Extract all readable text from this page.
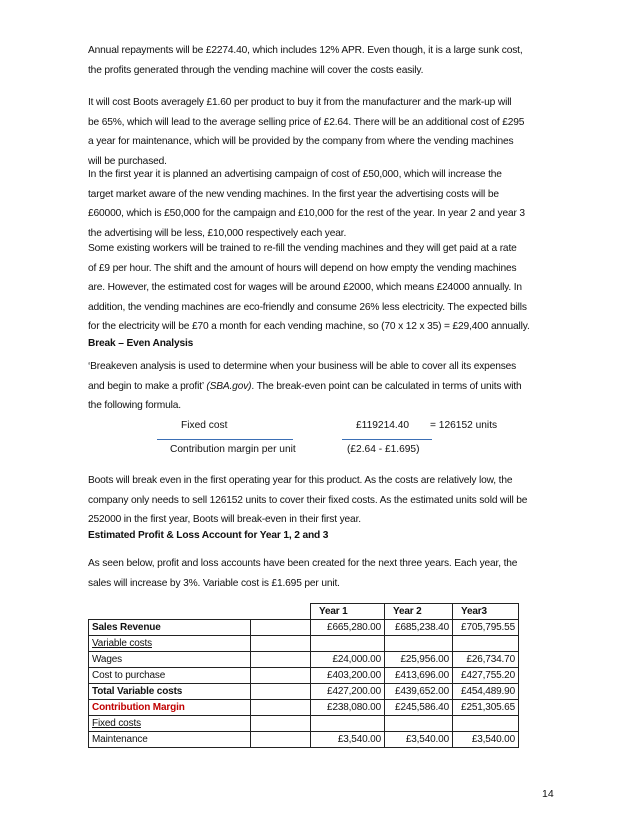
Annual repayments will be £2274.40, which includes 12% APR. Even though, it is a large sunk cost,
the profits generated through the vending machine will cover the costs easily.

It will cost Boots averagely £1.60 per product to buy it from the manufacturer and the mark-up will
be 65%, which will lead to the average selling price of £2.64. There will be an additional cost of £295
a year for maintenance, which will be provided by the company from where the vending machines
will be purchased.

In the first year it is planned an advertising campaign of cost of £50,000, which will increase the
target market aware of the new vending machines. In the first year the advertising costs will be
£60000, which is £50,000 for the campaign and £10,000 for the rest of the year. In year 2 and year 3
the advertising will be less, £10,000 respectively each year.

Some existing workers will be trained to re-fill the vending machines and they will get paid at a rate
of £9 per hour. The shift and the amount of hours will depend on how empty the vending machines
are. However, the estimated cost for wages will be around £2000, which means £24000 annually. In
addition, the vending machines are eco-friendly and consume 26% less electricity. The expected bills
for the electricity will be £70 a month for each vending machine, so (70 x 12 x 35) = £29,400 annually.

Break – Even Analysis

‘Breakeven analysis is used to determine when your business will be able to cover all its expenses
and begin to make a profit’ (SBA.gov). The break-even point can be calculated in terms of units with
the following formula.

Fixed cost
Contribution margin per unit
£119214.40
(£2.64 - £1.695)
= 126152 units

Boots will break even in the first operating year for this product. As the costs are relatively low, the
company only needs to sell 126152 units to cover their fixed costs. As the estimated units sold will be
252000 in the first year, Boots will break-even in their first year.

Estimated Profit & Loss Account for Year 1, 2 and 3

As seen below, profit and loss accounts have been created for the next three years. Each year, the
sales will increase by 3%. Variable cost is £1.695 per unit.

		Year 1	Year 2	Year3
Sales Revenue		£665,280.00	£685,238.40	£705,795.55
Variable costs				
Wages		£24,000.00	£25,956.00	£26,734.70
Cost to purchase		£403,200.00	£413,696.00	£427,755.20
Total Variable costs		£427,200.00	£439,652.00	£454,489.90
Contribution Margin		£238,080.00	£245,586.40	£251,305.65
Fixed costs				
Maintenance		£3,540.00	£3,540.00	£3,540.00
14
